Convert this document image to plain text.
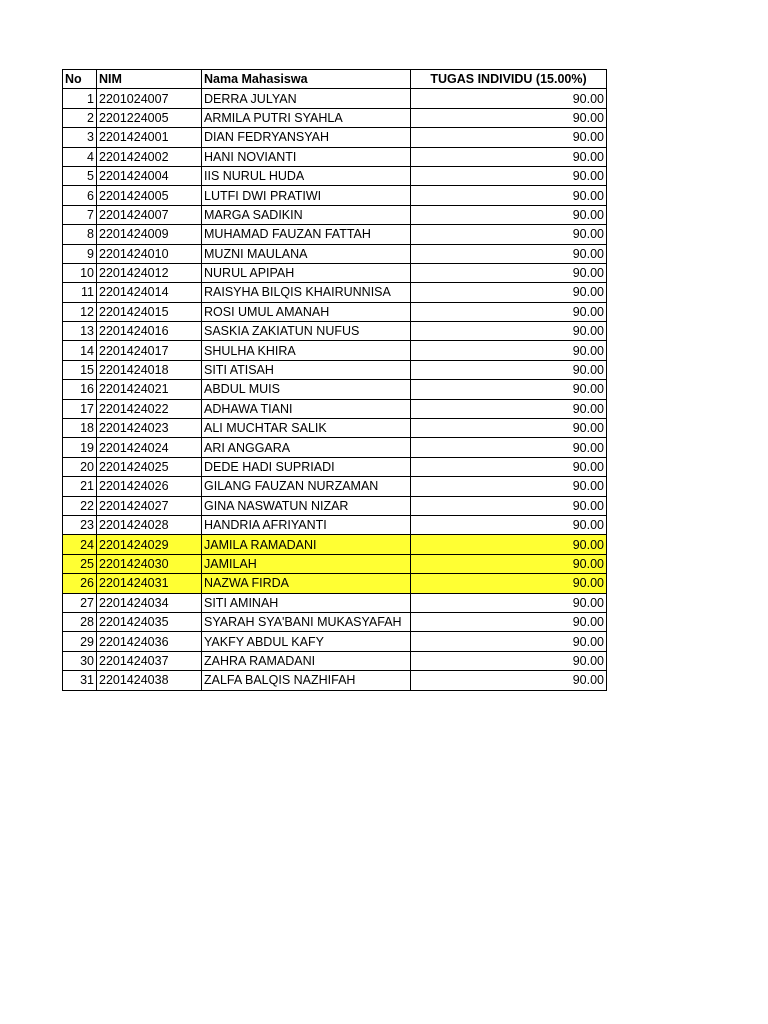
No	NIM	Nama Mahasiswa	TUGAS INDIVIDU (15.00%)
1	2201024007	DERRA JULYAN	90.00
2	2201224005	ARMILA PUTRI SYAHLA	90.00
3	2201424001	DIAN FEDRYANSYAH	90.00
4	2201424002	HANI NOVIANTI	90.00
5	2201424004	IIS NURUL HUDA	90.00
6	2201424005	LUTFI DWI PRATIWI	90.00
7	2201424007	MARGA SADIKIN	90.00
8	2201424009	MUHAMAD FAUZAN FATTAH	90.00
9	2201424010	MUZNI MAULANA	90.00
10	2201424012	NURUL APIPAH	90.00
11	2201424014	RAISYHA BILQIS KHAIRUNNISA	90.00
12	2201424015	ROSI UMUL AMANAH	90.00
13	2201424016	SASKIA ZAKIATUN NUFUS	90.00
14	2201424017	SHULHA KHIRA	90.00
15	2201424018	SITI ATISAH	90.00
16	2201424021	ABDUL MUIS	90.00
17	2201424022	ADHAWA TIANI	90.00
18	2201424023	ALI MUCHTAR SALIK	90.00
19	2201424024	ARI ANGGARA	90.00
20	2201424025	DEDE HADI SUPRIADI	90.00
21	2201424026	GILANG FAUZAN NURZAMAN	90.00
22	2201424027	GINA NASWATUN NIZAR	90.00
23	2201424028	HANDRIA AFRIYANTI	90.00
24	2201424029	JAMILA RAMADANI	90.00
25	2201424030	JAMILAH	90.00
26	2201424031	NAZWA FIRDA	90.00
27	2201424034	SITI AMINAH	90.00
28	2201424035	SYARAH SYA'BANI MUKASYAFAH	90.00
29	2201424036	YAKFY ABDUL KAFY	90.00
30	2201424037	ZAHRA RAMADANI	90.00
31	2201424038	ZALFA BALQIS NAZHIFAH	90.00
